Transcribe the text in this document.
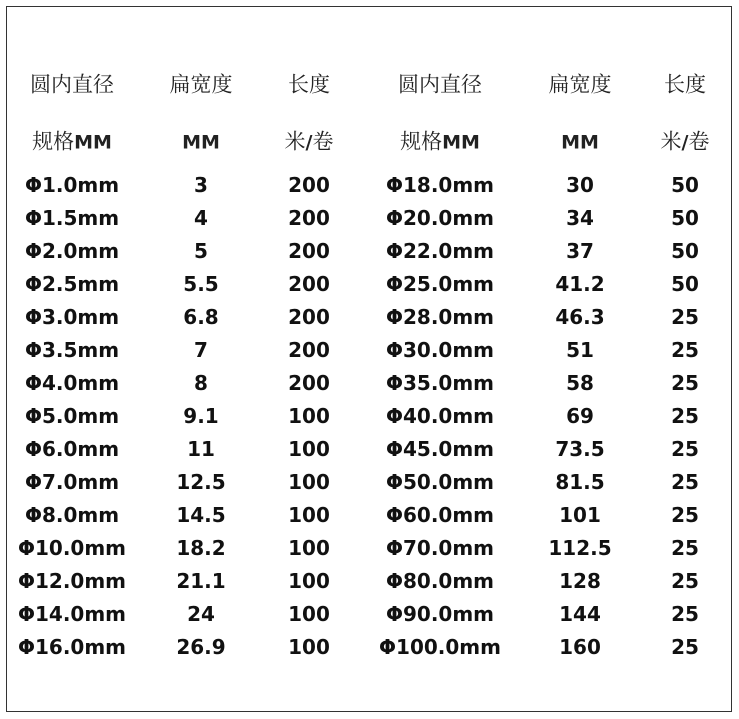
圆内直径	扁宽度	长度	圆内直径	扁宽度	长度
规格MM	MM	米/卷	规格MM	MM	米/卷
Φ1.0mm	3	200	Φ18.0mm	30	50
Φ1.5mm	4	200	Φ20.0mm	34	50
Φ2.0mm	5	200	Φ22.0mm	37	50
Φ2.5mm	5.5	200	Φ25.0mm	41.2	50
Φ3.0mm	6.8	200	Φ28.0mm	46.3	25
Φ3.5mm	7	200	Φ30.0mm	51	25
Φ4.0mm	8	200	Φ35.0mm	58	25
Φ5.0mm	9.1	100	Φ40.0mm	69	25
Φ6.0mm	11	100	Φ45.0mm	73.5	25
Φ7.0mm	12.5	100	Φ50.0mm	81.5	25
Φ8.0mm	14.5	100	Φ60.0mm	101	25
Φ10.0mm	18.2	100	Φ70.0mm	112.5	25
Φ12.0mm	21.1	100	Φ80.0mm	128	25
Φ14.0mm	24	100	Φ90.0mm	144	25
Φ16.0mm	26.9	100 Φ100.0mm	160	25
